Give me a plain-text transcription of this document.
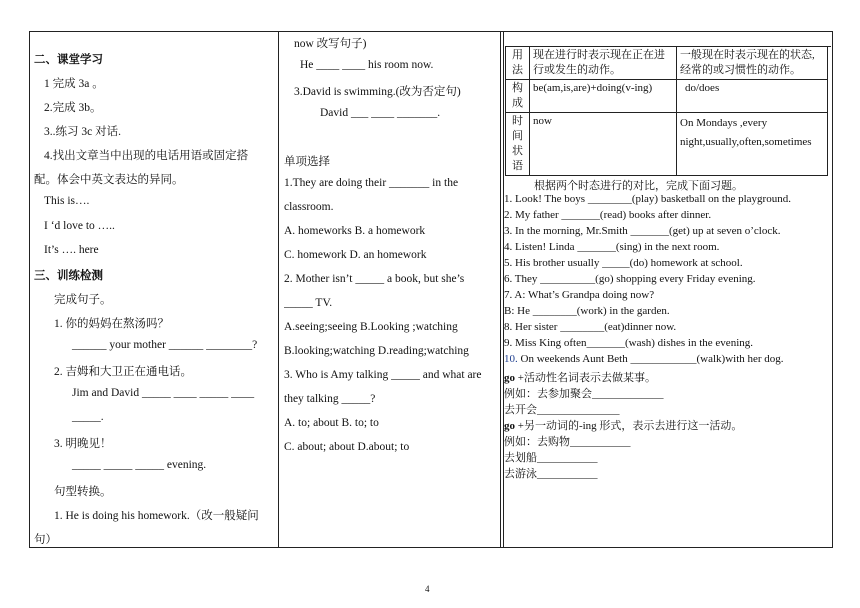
二、课堂学习
1 完成 3a 。
2.完成 3b。
3..练习 3c 对话.
4.找出文章当中出现的电话用语或固定搭
配。体会中英文表达的异同。
This is….
I ‘d love to …..
It’s …. here
三、训练检测
完成句子。
1. 你的妈妈在熬汤吗？
______ your mother ______ ________?
2. 吉姆和大卫正在通电话。
Jim and David _____ ____ _____ ____
_____.
3. 明晚见！
_____ _____ _____ evening.
句型转换。
1. He is doing his homework.（改一般疑问
句）
now 改写句子)
He ____ ____ his room now.
3.David is swimming.(改为否定句)
David ___ ____ _______.
单项选择
1.They are doing their _______ in the
classroom.
A. homeworks B. a homework
C. homework D. an homework
2. Mother isn’t _____ a book, but she’s
_____ TV.
A.seeing;seeing B.Looking ;watching
B.looking;watching D.reading;watching
3. Who is Amy talking _____ and what are
they talking _____?
A. to; about B. to; to
C. about; about D.about; to
用
法	现在进行时表示现在正在进行或发生的动作。	一般现在时表示现在的状态,经常的或习惯性的动作。
构
成	be(am,is,are)+doing(v-ing)	do/does
时
间
状
语	now	On Mondays ,every night,usually,often,sometimes
根据两个时态进行的对比，完成下面习题。
1. Look! The boys ________(play) basketball on the playground.
2. My father _______(read) books after dinner.
3. In the morning, Mr.Smith _______(get) up at seven o’clock.
4. Listen! Linda _______(sing) in the next room.
5. His brother usually _____(do) homework at school.
6. They __________(go) shopping every Friday evening.
7. A: What’s Grandpa doing now?
B: He ________(work) in the garden.
8. Her sister ________(eat)dinner now.
9. Miss King often_______(wash) dishes in the evening.
10. On weekends Aunt Beth ____________(walk)with her dog.
go +活动性名词表示去做某事。
例如：去参加聚会_____________
去开会_______________
go +另一动词的-ing 形式，表示去进行这一活动。
例如：去购物___________
去划船___________
去游泳___________
4
